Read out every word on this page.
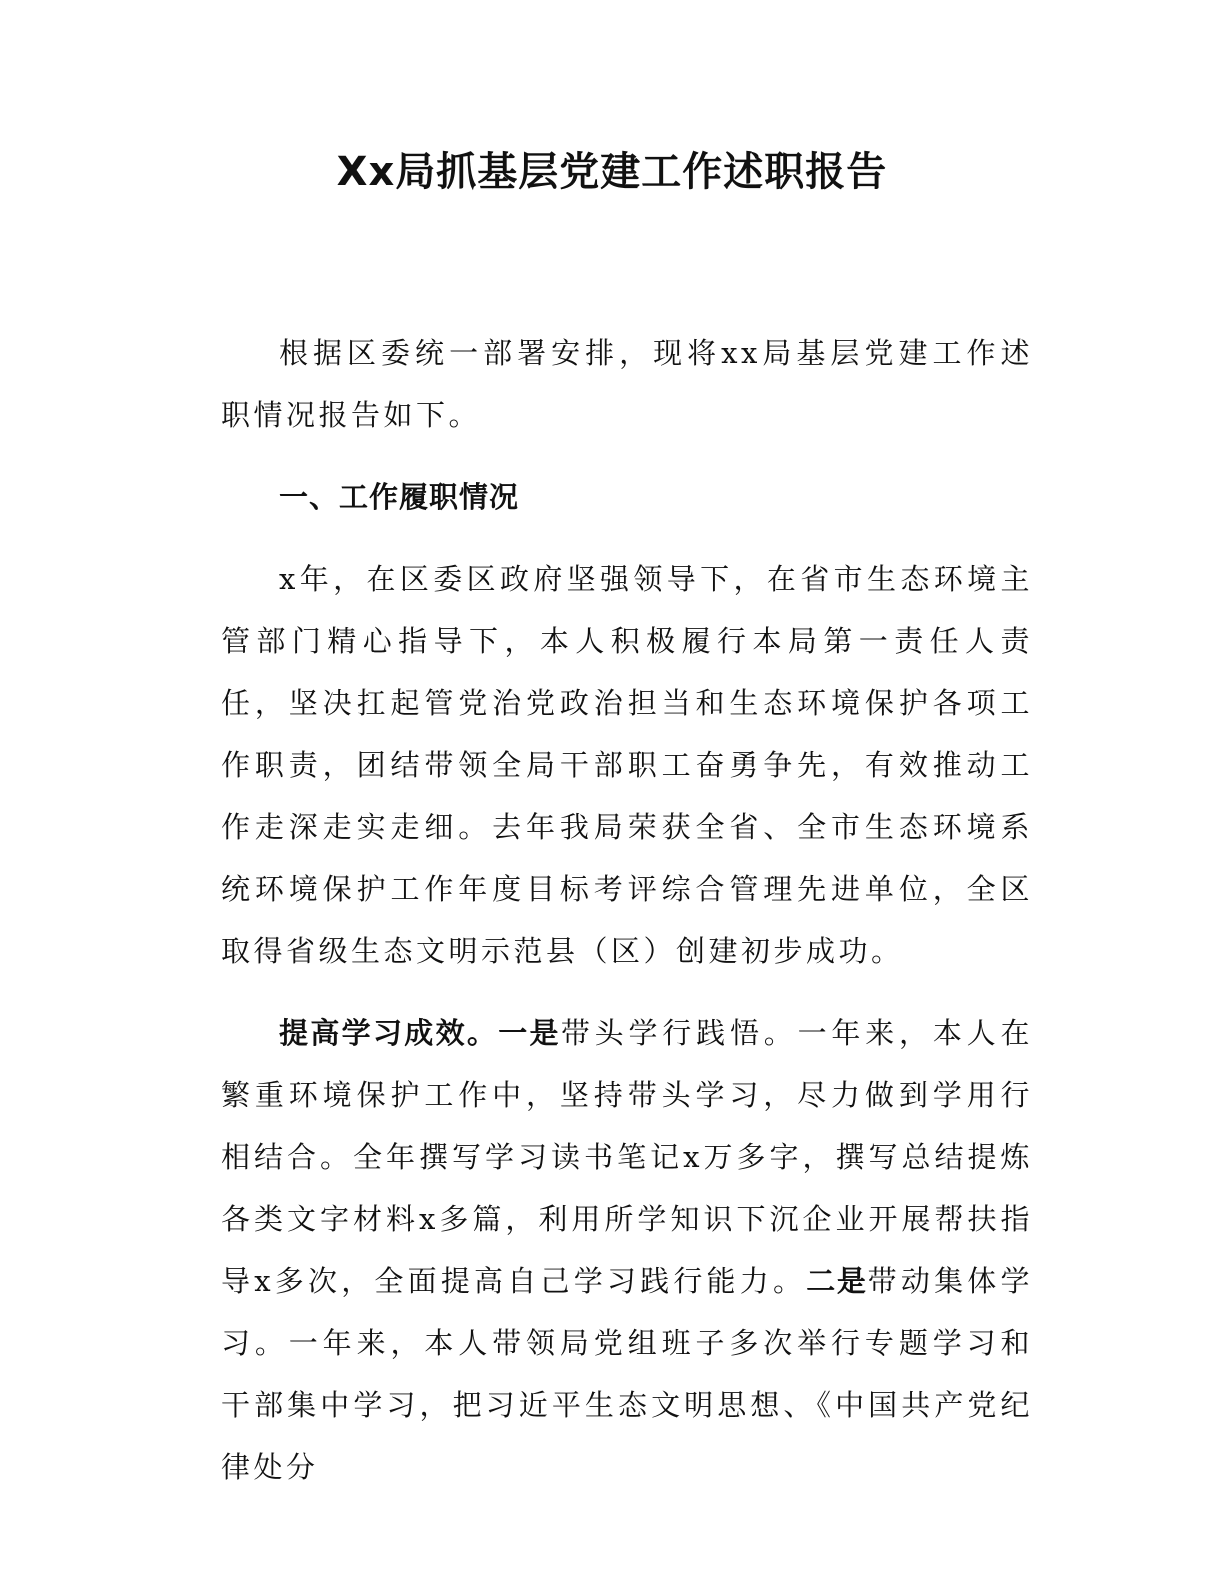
Xx局抓基层党建工作述职报告

根据区委统一部署安排，现将xx局基层党建工作述职情况报告如下。

一、工作履职情况

x年，在区委区政府坚强领导下，在省市生态环境主管部门精心指导下，本人积极履行本局第一责任人责任，坚决扛起管党治党政治担当和生态环境保护各项工作职责，团结带领全局干部职工奋勇争先，有效推动工作走深走实走细。去年我局荣获全省、全市生态环境系统环境保护工作年度目标考评综合管理先进单位，全区取得省级生态文明示范县（区）创建初步成功。

提高学习成效。一是带头学行践悟。一年来，本人在繁重环境保护工作中，坚持带头学习，尽力做到学用行相结合。全年撰写学习读书笔记x万多字，撰写总结提炼各类文字材料x多篇，利用所学知识下沉企业开展帮扶指导x多次，全面提高自己学习践行能力。二是带动集体学习。一年来，本人带领局党组班子多次举行专题学习和干部集中学习，把习近平生态文明思想、《中国共产党纪律处分
